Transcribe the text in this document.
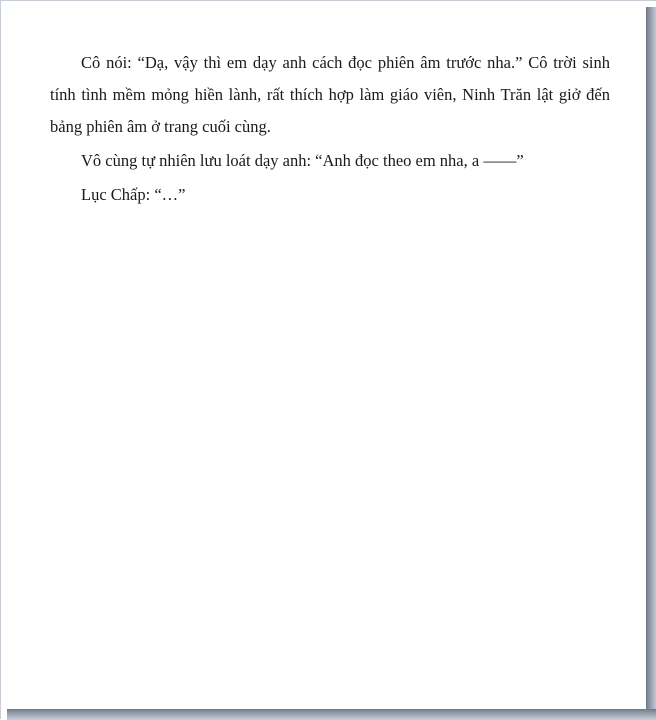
Cô nói: “Dạ, vậy thì em dạy anh cách đọc phiên âm trước nha.” Cô trời sinh tính tình mềm mỏng hiền lành, rất thích hợp làm giáo viên, Ninh Trăn lật giở đến bảng phiên âm ở trang cuối cùng.

Vô cùng tự nhiên lưu loát dạy anh: “Anh đọc theo em nha, a ——”

Lục Chấp: “…”
